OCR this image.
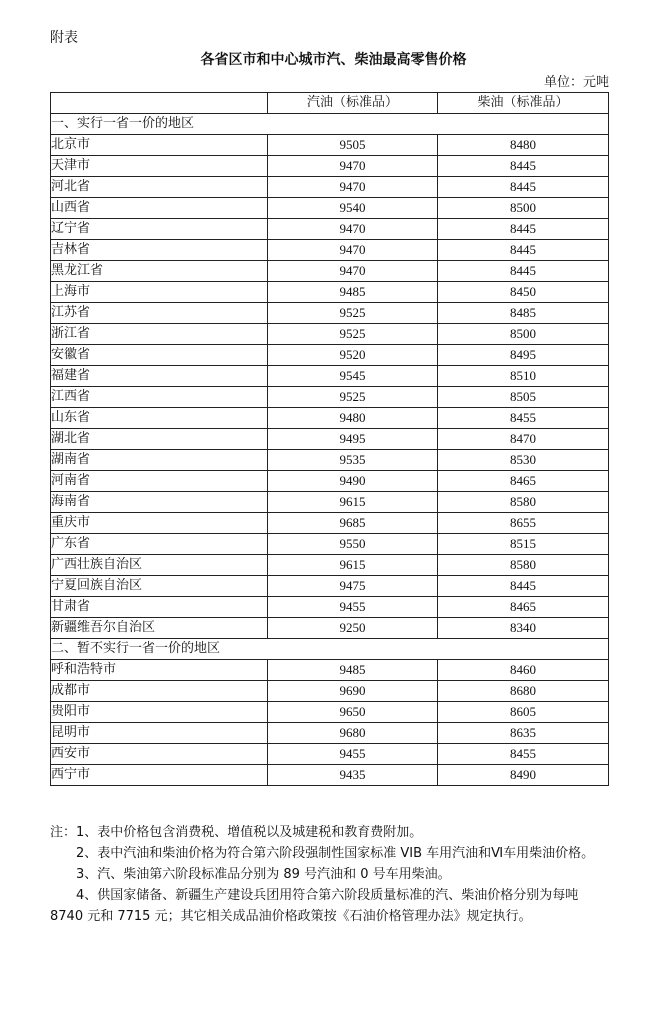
附表
各省区市和中心城市汽、柴油最高零售价格
单位：元吨
	汽油（标准品）	柴油（标准品）
一、实行一省一价的地区		
北京市	9505	8480
天津市	9470	8445
河北省	9470	8445
山西省	9540	8500
辽宁省	9470	8445
吉林省	9470	8445
黑龙江省	9470	8445
上海市	9485	8450
江苏省	9525	8485
浙江省	9525	8500
安徽省	9520	8495
福建省	9545	8510
江西省	9525	8505
山东省	9480	8455
湖北省	9495	8470
湖南省	9535	8530
河南省	9490	8465
海南省	9615	8580
重庆市	9685	8655
广东省	9550	8515
广西壮族自治区	9615	8580
宁夏回族自治区	9475	8445
甘肃省	9455	8465
新疆维吾尔自治区	9250	8340
二、暂不实行一省一价的地区		
呼和浩特市	9485	8460
成都市	9690	8680
贵阳市	9650	8605
昆明市	9680	8635
西安市	9455	8455
西宁市	9435	8490

注：1、表中价格包含消费税、增值税以及城建税和教育费附加。

2、表中汽油和柴油价格为符合第六阶段强制性国家标准 VIB 车用汽油和Ⅵ车用柴油价格。

3、汽、柴油第六阶段标准品分别为 89 号汽油和 0 号车用柴油。

4、供国家储备、新疆生产建设兵团用符合第六阶段质量标准的汽、柴油价格分别为每吨 8740 元和 7715 元；其它相关成品油价格政策按《石油价格管理办法》规定执行。
